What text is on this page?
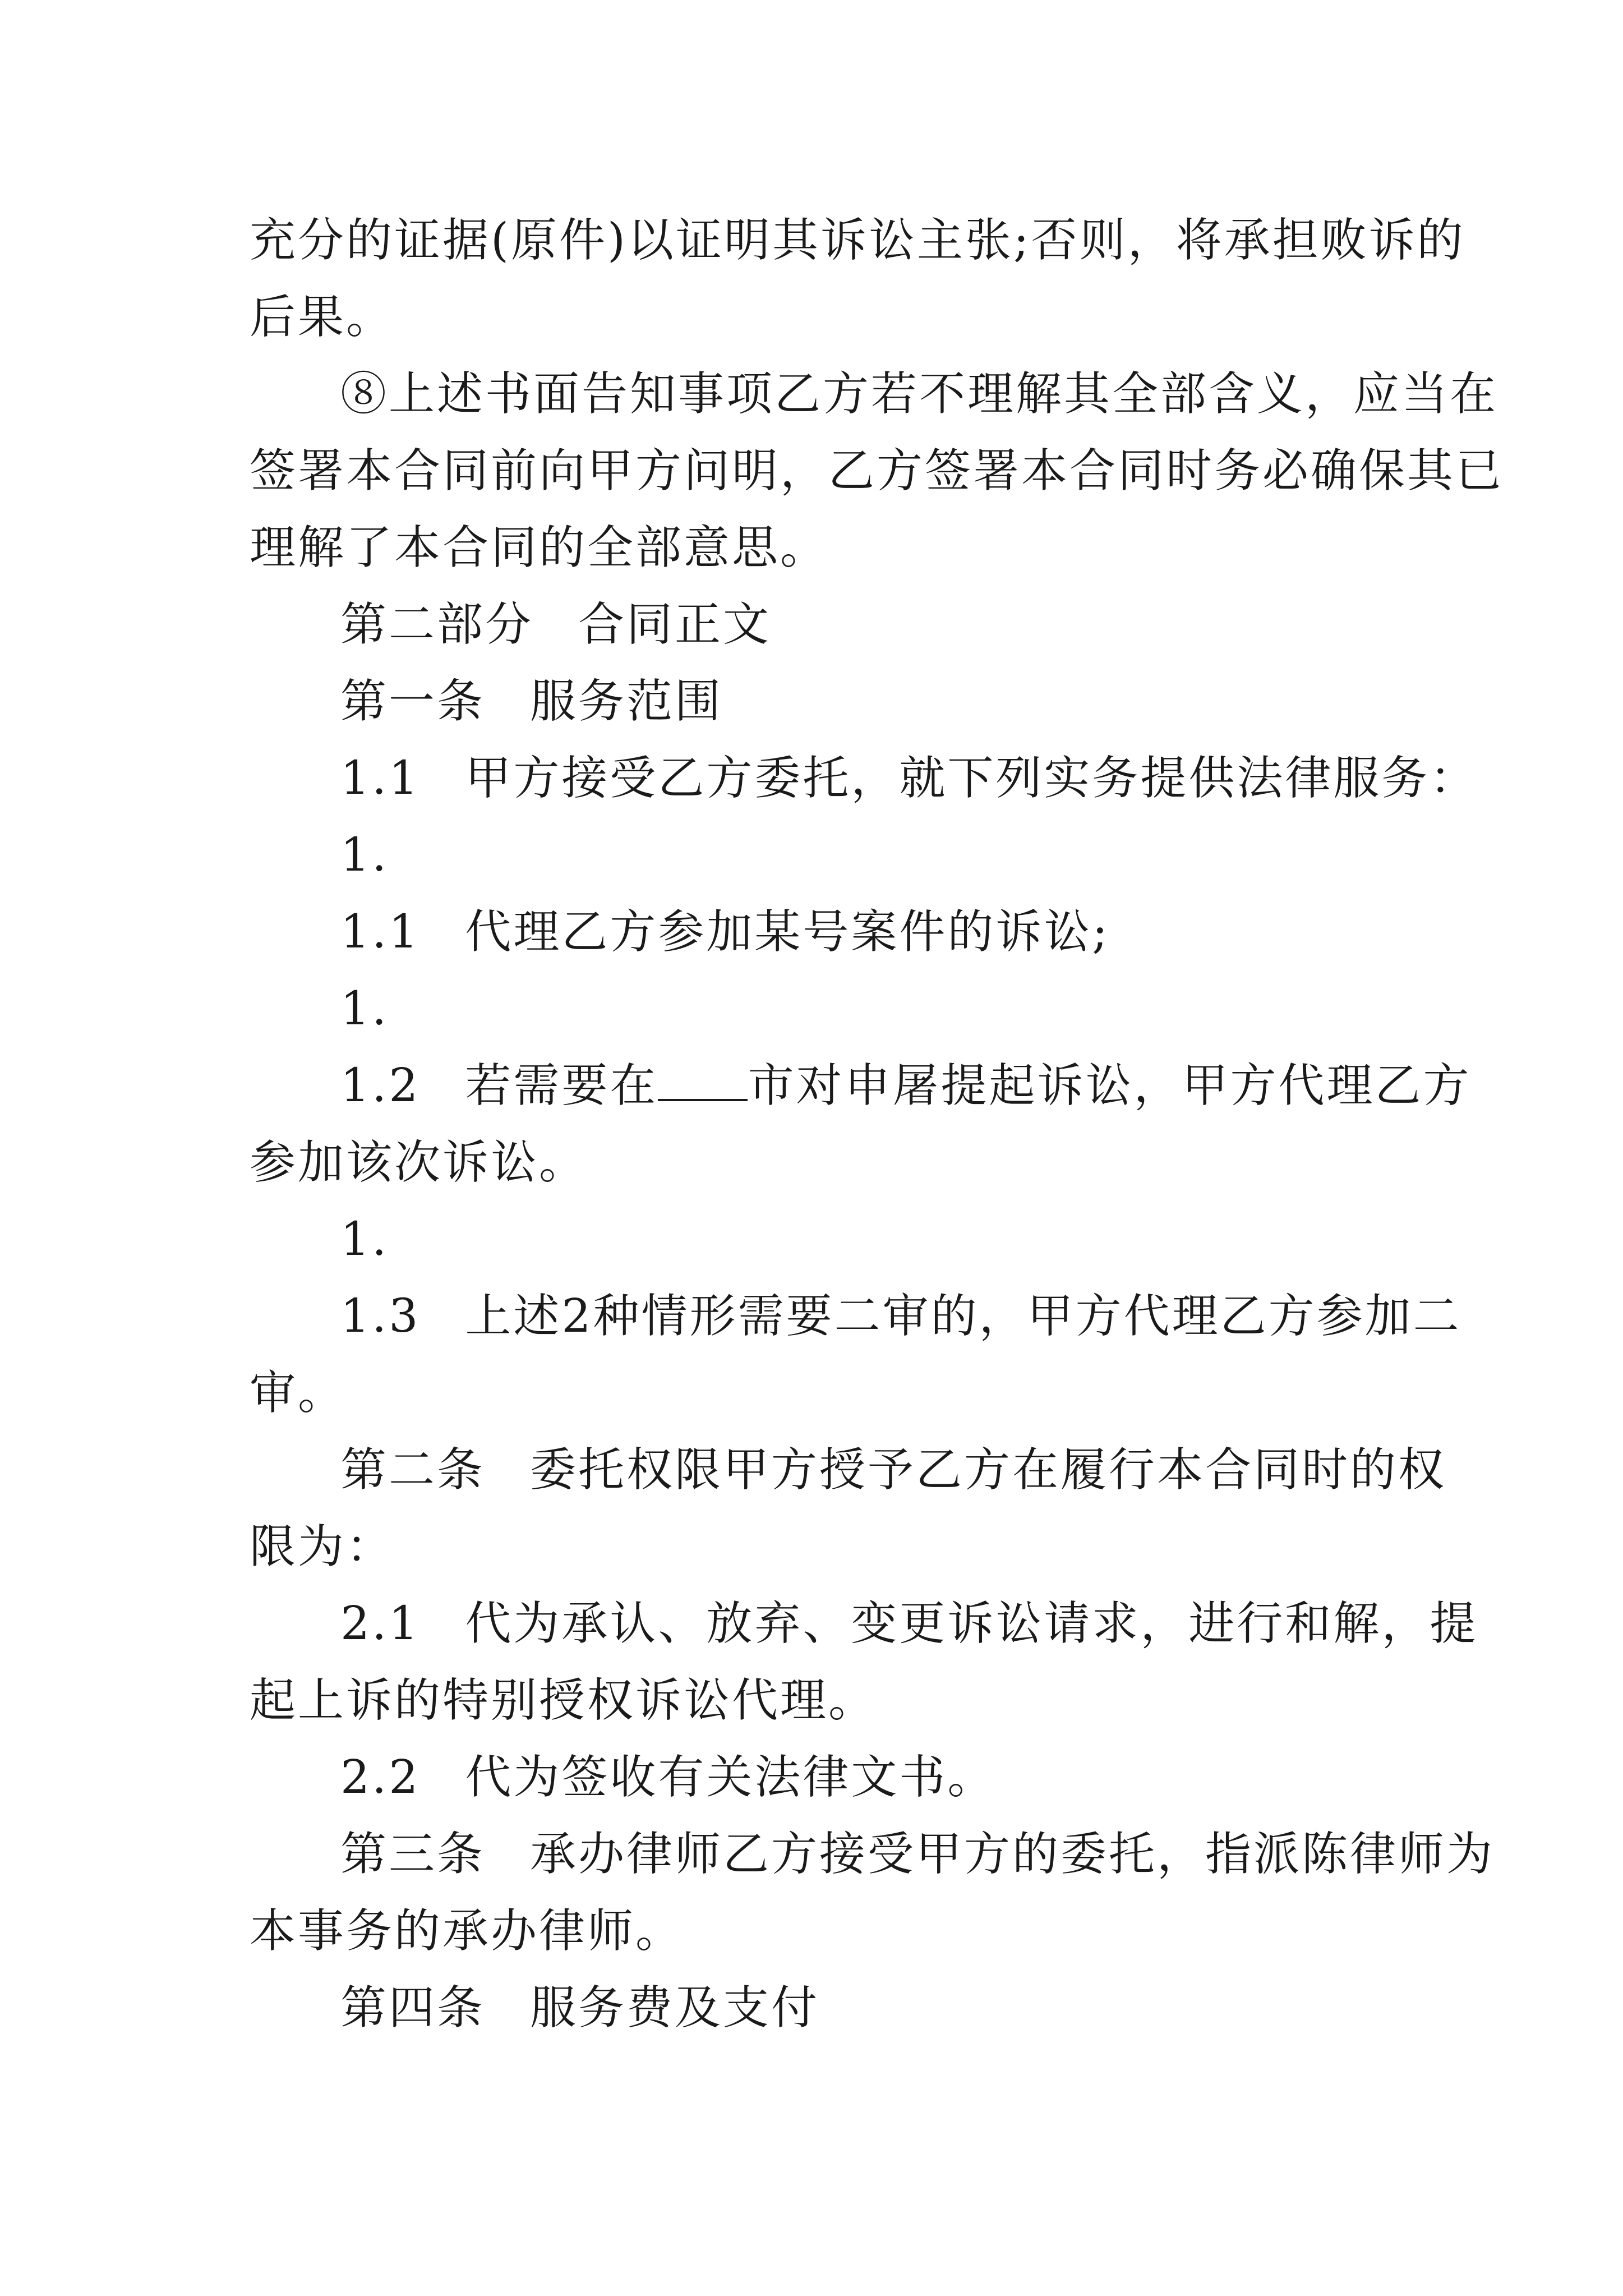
充分的证据(原件)以证明其诉讼主张;否则，将承担败诉的
后果。
⑧上述书面告知事项乙方若不理解其全部含义，应当在
签署本合同前向甲方问明，乙方签署本合同时务必确保其已
理解了本合同的全部意思。
第二部分 合同正文
第一条 服务范围
1.1 甲方接受乙方委托，就下列实务提供法律服务：
1.
1.1 代理乙方参加某号案件的诉讼;
1.
1.2 若需要在 市对申屠提起诉讼，甲方代理乙方
参加该次诉讼。
1.
1.3 上述2种情形需要二审的，甲方代理乙方参加二
审。
第二条 委托权限甲方授予乙方在履行本合同时的权
限为：
2.1 代为承认、放弃、变更诉讼请求，进行和解，提
起上诉的特别授权诉讼代理。
2.2 代为签收有关法律文书。
第三条 承办律师乙方接受甲方的委托，指派陈律师为
本事务的承办律师。
第四条 服务费及支付
